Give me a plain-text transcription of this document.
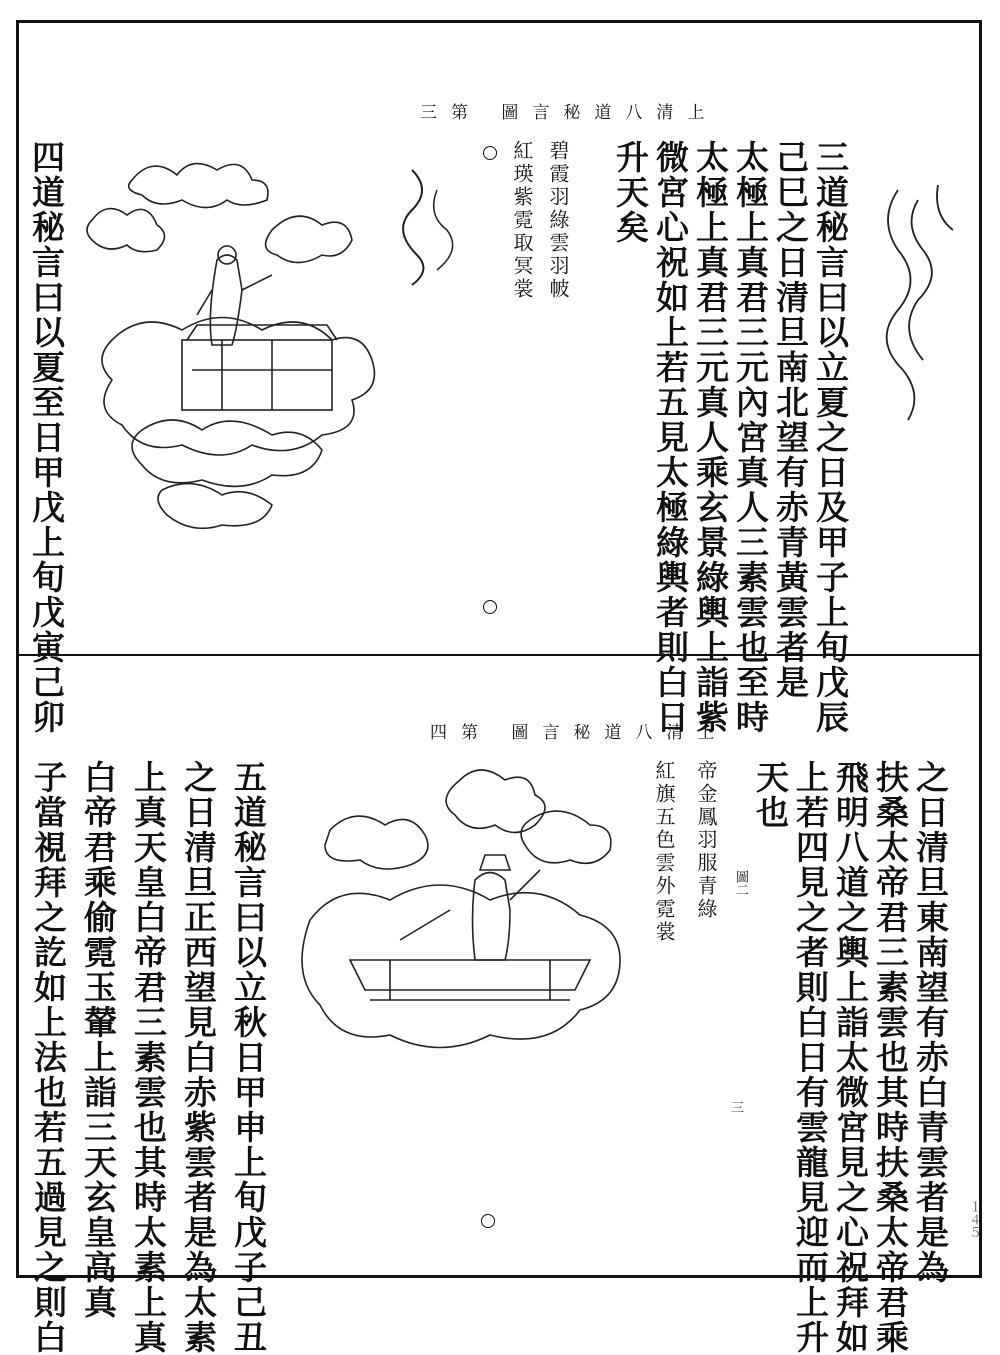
上清八道秘言圖 第三
三道秘言曰以立夏之日及甲子上旬戊辰
己巳之日清旦南北望有赤青黃雲者是
太極上真君三元內宮真人三素雲也至時
太極上真君三元真人乘玄景綠輿上詣紫
微宮心祝如上若五見太極綠輿者則白日
升天矣
碧霞羽綠雲羽帔
紅瑛紫霓取冥裳
四道秘言曰以夏至日甲戊上旬戊寅己卯	上清八道秘言圖 第四
之日清旦東南望有赤白青雲者是為
扶桑太帝君三素雲也其時扶桑太帝君乘
飛明八道之輿上詣太微宮見之心祝拜如
上若四見之者則白日有雲龍見迎而上升
天也
帝金鳳羽服青綠
紅旗五色雲外霓裳	圖二
三
五道秘言曰以立秋日甲申上旬戊子己丑
之日清旦正西望見白赤紫雲者是為太素
上真天皇白帝君三素雲也其時太素上真
白帝君乘偷霓玉輦上詣三天玄皇高真
子當視拜之訖如上法也若五過見之則白	１４５
